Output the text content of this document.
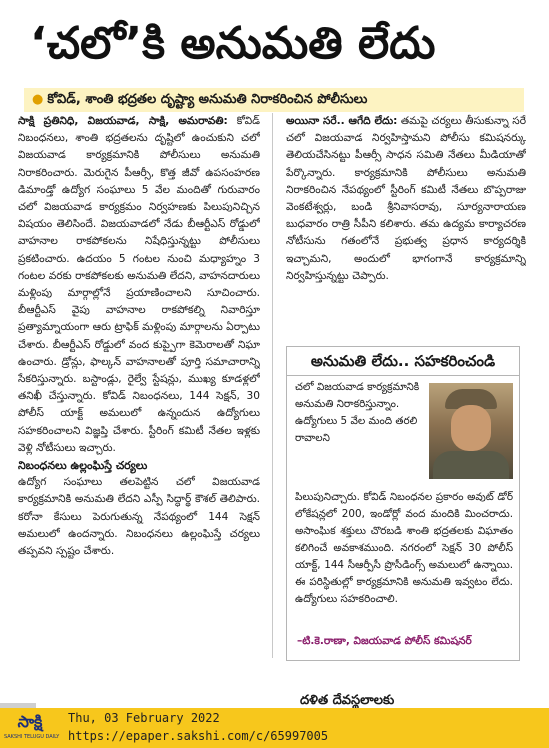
‘చలో’కి అనుమతి లేదు
● కోవిడ్, శాంతి భద్రతల దృష్ట్యా అనుమతి నిరాకరించిన పోలీసులు

సాక్షి ప్రతినిధి, విజయవాడ, సాక్షి, అమరావతి: కోవిడ్ నిబంధనలు, శాంతి భద్రతలను దృష్టిలో ఉంచుకుని చలో విజయవాడ కార్యక్రమానికి పోలీసులు అనుమతి నిరాకరించారు. మెరుగైన పీఆర్సీ, కొత్త జీవో ఉపసంహరణ డిమాండ్తో ఉద్యోగ సంఘాలు 5 వేల మందితో గురువారం చలో విజయవాడ కార్యక్రమం నిర్వహణకు పిలుపునిచ్చిన విషయం తెలిసిందే. విజయవాడలో నేడు బీఆర్టీఎస్ రోడ్డులో వాహనాల రాకపోకలను నిషేధిస్తున్నట్టు పోలీసులు ప్రకటించారు. ఉదయం 5 గంటల నుంచి మధ్యాహ్నం 3 గంటల వరకు రాకపోకలకు అనుమతి లేదని, వాహనదారులు మళ్లింపు మార్గాల్లోనే ప్రయాణించాలని సూచించారు. బీఆర్టీఎస్ వైపు వాహనాల రాకపోకల్ని నివారిస్తూ ప్రత్యామ్నాయంగా ఆరు ట్రాఫిక్ మళ్లింపు మార్గాలను ఏర్పాటు చేశారు. బీఆర్టీఎస్ రోడ్డులో వంద కుప్పైగా కెమెరాలతో నిఘా ఉంచారు. డ్రోన్లు, ఫాల్కన్ వాహనాలతో పూర్తి సమాచారాన్ని సేకరిస్తున్నారు. బస్టాండ్లు, రైల్వే స్టేషన్లు, ముఖ్య కూడళ్లలో తనిఖీ చేస్తున్నారు. కోవిడ్ నిబంధనలు, 144 సెక్షన్, 30 పోలీస్ యాక్ట్ అమలులో ఉన్నందున ఉద్యోగులు సహకరించాలని విజ్ఞప్తి చేశారు. స్టీరింగ్ కమిటీ నేతల ఇళ్లకు వెళ్లి నోటీసులు ఇచ్చారు.

నిబంధనలు ఉల్లంఘిస్తే చర్యలు

ఉద్యోగ సంఘాలు తలపెట్టిన చలో విజయవాడ కార్యక్రమానికి అనుమతి లేదని ఎస్పీ సిద్ధార్థ్ కౌశల్ తెలిపారు. కరోనా కేసులు పెరుగుతున్న నేపథ్యంలో 144 సెక్షన్ అమలులో ఉందన్నారు. నిబంధనలు ఉల్లంఘిస్తే చర్యలు తప్పవని స్పష్టం చేశారు.

అయినా సరే.. ఆగేది లేదు: తమపై చర్యలు తీసుకున్నా సరే చలో విజయవాడ నిర్వహిస్తామని పోలీసు కమిషనర్కు తెలియచేసినట్టు పీఆర్సీ సాధన సమితి నేతలు మీడియాతో పేర్కొన్నారు. కార్యక్రమానికి పోలీసులు అనుమతి నిరాకరించిన నేపథ్యంలో స్టీరింగ్ కమిటీ నేతలు బొప్పరాజు వెంకటేశ్వర్లు, బండి శ్రీనివాసరావు, సూర్యనారాయణ బుధవారం రాత్రి సీపీని కలిశారు. తమ ఉద్యమ కార్యాచరణ నోటీసును గతంలోనే ప్రభుత్వ ప్రధాన కార్యదర్శికి ఇచ్చామని, అందులో భాగంగానే కార్యక్రమాన్ని నిర్వహిస్తున్నట్టు చెప్పారు.

అనుమతి లేదు.. సహకరించండి
చలో విజయవాడ కార్యక్రమానికి అనుమతి నిరాకరిస్తున్నాం. ఉద్యోగులు 5 వేల మంది తరలి రావాలని
పిలుపునిచ్చారు. కోవిడ్ నిబంధనల ప్రకారం అవుట్ డోర్ లోకేషన్లలో 200, ఇండోర్లో వంద మందికి మించరాదు. అసాంఘిక శక్తులు చొరబడి శాంతి భద్రతలకు విఘాతం కలిగించే అవకాశముంది. నగరంలో సెక్షన్ 30 పోలీస్ యాక్ట్, 144 సీఆర్పీసీ ప్రొసీడింగ్స్ అమలులో ఉన్నాయి. ఈ పరిస్థితుల్లో కార్యక్రమానికి అనుమతి ఇవ్వటం లేదు. ఉద్యోగులు సహకరించాలి.
–టి.కె.రాణా, విజయవాడ పోలీస్ కమిషనర్
దళిత దేవస్థలాలకు
సాక్షి
SAKSHI TELUGU DAILY
Thu, 03 February 2022
https://epaper.sakshi.com/c/65997005
